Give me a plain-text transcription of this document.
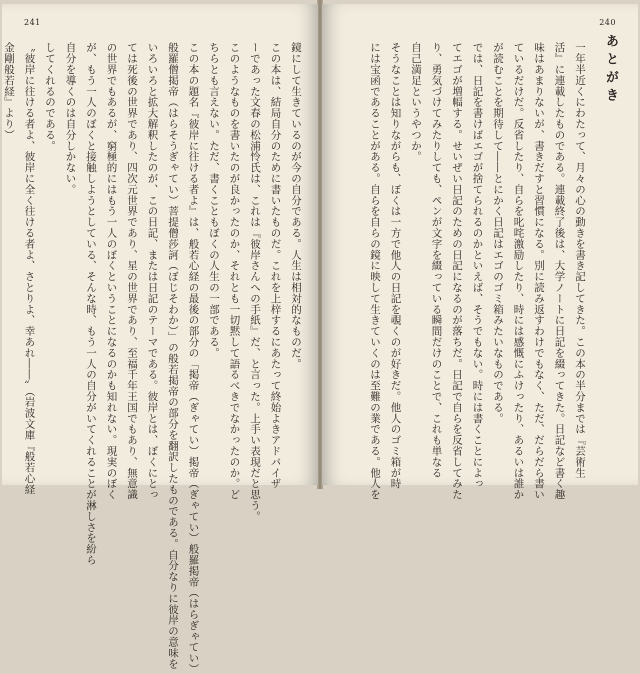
241
鏡にして生きているのが今の自分である。人生は相対的なものだ。
この本は、結局自分のために書いたものだ。これを上梓するにあたって終始よきアドバイザ
ーであった文春の松浦怜氏は、これは『彼岸さんへの手紙』だ、と言った。上手い表現だと思う。
このようなものを書いたのが良かったのか、それとも一切黙して語るべきでなかったのか。ど
ちらとも言えない。ただ、書くこともぼくの人生の一部である。
この本の題名『彼岸に往ける者よ』は、般若心経の最後の部分の「掲帝（ぎゃてい）掲帝（ぎゃてい）般羅掲帝（はらぎゃてい）
般羅僧掲帝（はらそうぎゃてい）菩提僧莎訶（ぼじそわか）」の般若掲帝の部分を翻訳したものである。自分なりに彼岸の意味を
いろいろと拡大解釈したのが、この日記、または日記のテーマである。彼岸とは、ぼくにとっ
ては死後の世界であり、四次元世界であり、星の世界であり、至福千年王国でもあり、無意識
の世界でもあるが、窮極的にはもう一人のぼくということになるのかも知れない。現実のぼく
が、もう一人のぼくと接触しようとしている、そんな時、もう一人の自分がいてくれることが淋しさを紛ら
自分を導くのは自分しかない。
してくれるのである。
〝彼岸に往ける者よ、彼岸に全く往ける者よ、さとりよ、幸あれ――〟（岩波文庫『般若心経
金剛般若経』より）
240
あとがき
一年半近くにわたって、月々の心の動きを書き記してきた。この本の半分までは『芸術生
活』に連載したものである。連載終了後は、大学ノートに日記を綴ってきた。日記など書く趣
味はあまりないが、書きだすと習慣になる。別に読み返すわけでもなく、ただ、だらだら書い
ているだけだ。反省したり、自らを叱咤激励したり、時には感慨にふけったり、あるいは誰か
が読むことを期待して――とにかく日記はエゴのゴミ箱みたいなものである。
では、日記を書けばエゴが捨てられるのかといえば、そうでもない。時には書くことによっ
てエゴが増幅する。せいぜい日記のための日記になるのが落ちだ。日記で自らを反省してみた
り、勇気づけてみたりしても、ペンが文字を綴っている瞬間だけのことで、これも単なる
自己満足というやつか。
そうなことは知りながらも、ぼくは一方で他人の日記を覗くのが好きだ。他人のゴミ箱が時
には宝函であることがある。自らを自らの鏡に映して生きていくのは至難の業である。他人を
